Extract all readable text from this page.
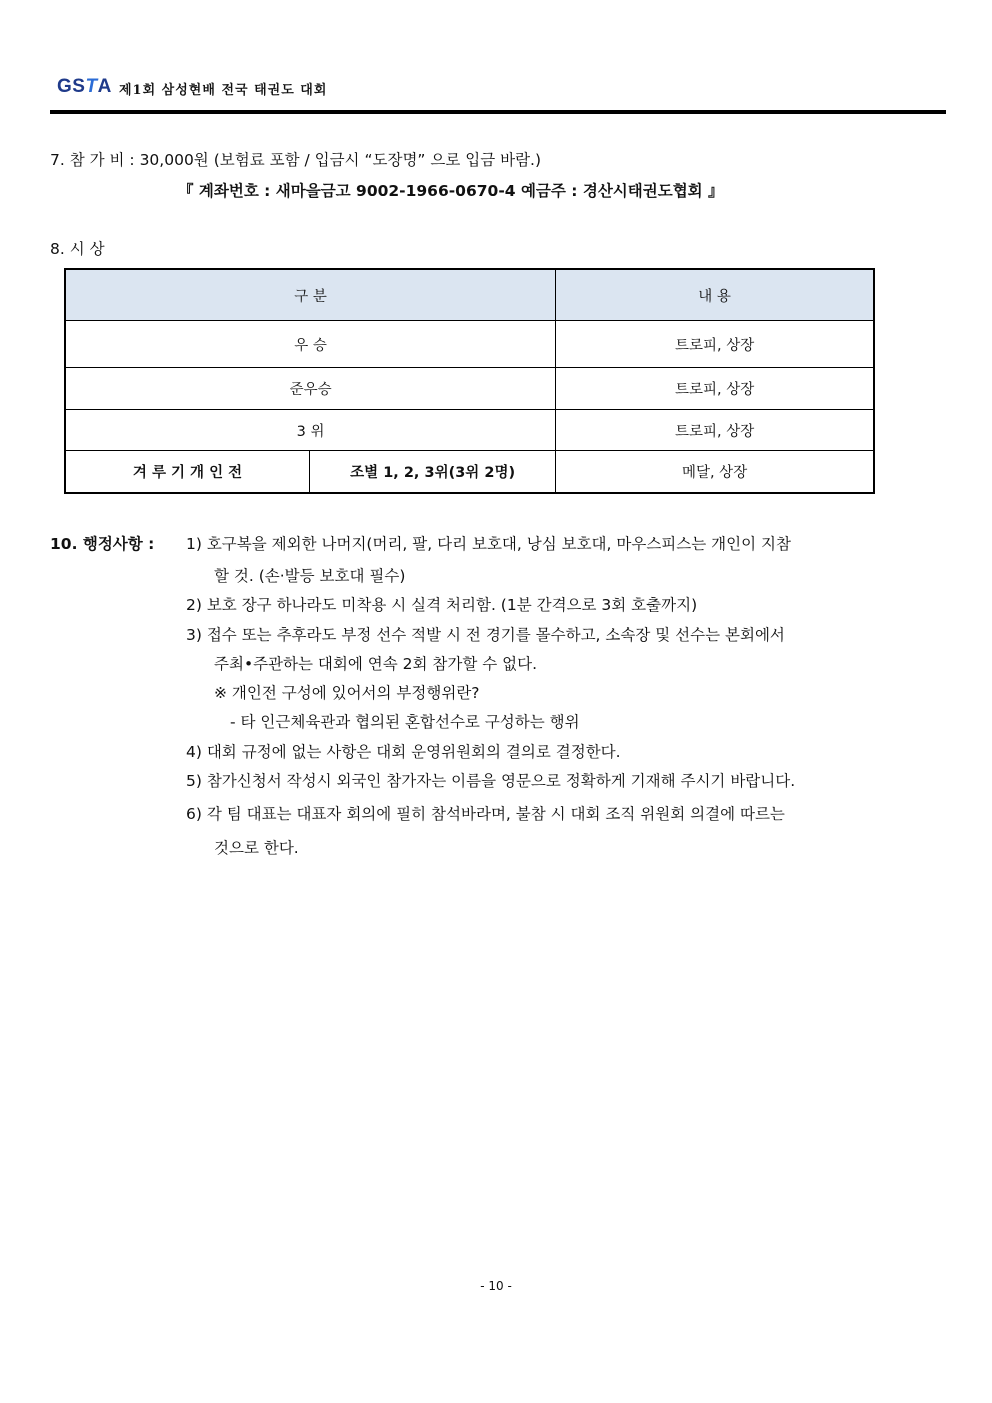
GSTA 제1회 삼성현배 전국 태권도 대회
7. 참 가 비 : 30,000원 (보험료 포함 / 입금시 “도장명” 으로 입금 바람.)
『 계좌번호 : 새마을금고 9002-1966-0670-4 예금주 : 경산시태권도협회 』
8. 시 상
구 분		내 용
우 승		트로피, 상장
준우승		트로피, 상장
3 위		트로피, 상장
겨 루 기 개 인 전	조별 1, 2, 3위(3위 2명)	메달, 상장
10. 행정사항 : 1) 호구복을 제외한 나머지(머리, 팔, 다리 보호대, 낭심 보호대, 마우스피스는 개인이 지참
할 것. (손·발등 보호대 필수)
2) 보호 장구 하나라도 미착용 시 실격 처리함. (1분 간격으로 3회 호출까지)
3) 접수 또는 추후라도 부정 선수 적발 시 전 경기를 몰수하고, 소속장 및 선수는 본회에서
주최•주관하는 대회에 연속 2회 참가할 수 없다.
※ 개인전 구성에 있어서의 부정행위란?
- 타 인근체육관과 협의된 혼합선수로 구성하는 행위
4) 대회 규정에 없는 사항은 대회 운영위원회의 결의로 결정한다.
5) 참가신청서 작성시 외국인 참가자는 이름을 영문으로 정확하게 기재해 주시기 바랍니다.
6) 각 팀 대표는 대표자 회의에 필히 참석바라며, 불참 시 대회 조직 위원회 의결에 따르는
것으로 한다.
- 10 -
